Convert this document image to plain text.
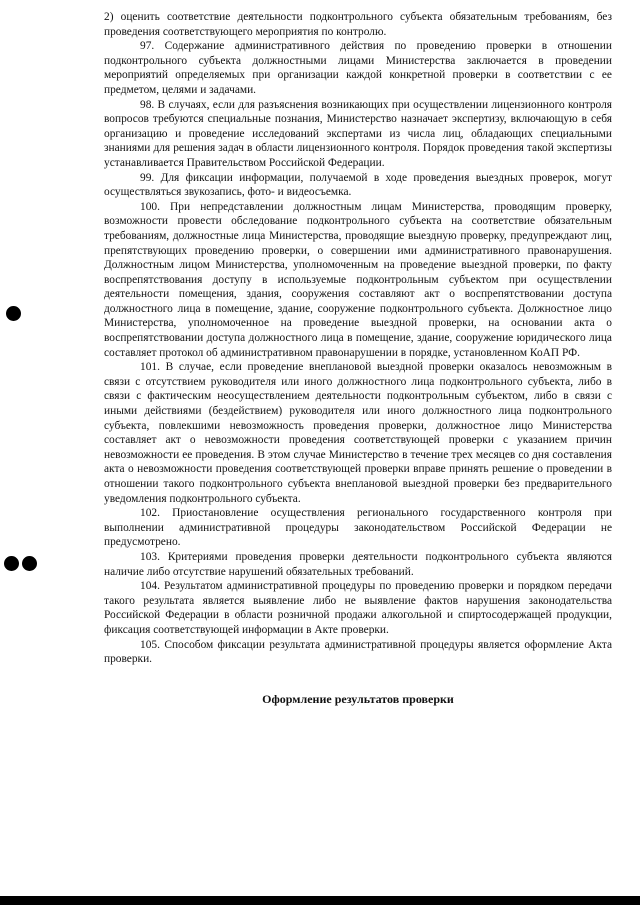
2) оценить соответствие деятельности подконтрольного субъекта обязательным требованиям, без проведения соответствующего мероприятия по контролю.

97. Содержание административного действия по проведению проверки в отношении подконтрольного субъекта должностными лицами Министерства заключается в проведении мероприятий определяемых при организации каждой конкретной проверки в соответствии с ее предметом, целями и задачами.

98. В случаях, если для разъяснения возникающих при осуществлении лицензионного контроля вопросов требуются специальные познания, Министерство назначает экспертизу, включающую в себя организацию и проведение исследований экспертами из числа лиц, обладающих специальными знаниями для решения задач в области лицензионного контроля. Порядок проведения такой экспертизы устанавливается Правительством Российской Федерации.

99. Для фиксации информации, получаемой в ходе проведения выездных проверок, могут осуществляться звукозапись, фото- и видеосъемка.

100. При непредставлении должностным лицам Министерства, проводящим проверку, возможности провести обследование подконтрольного субъекта на соответствие обязательным требованиям, должностные лица Министерства, проводящие выездную проверку, предупреждают лиц, препятствующих проведению проверки, о совершении ими административного правонарушения. Должностным лицом Министерства, уполномоченным на проведение выездной проверки, по факту воспрепятствования доступу в используемые подконтрольным субъектом при осуществлении деятельности помещения, здания, сооружения составляют акт о воспрепятствовании доступа должностного лица в помещение, здание, сооружение подконтрольного субъекта. Должностное лицо Министерства, уполномоченное на проведение выездной проверки, на основании акта о воспрепятствовании доступа должностного лица в помещение, здание, сооружение юридического лица составляет протокол об административном правонарушении в порядке, установленном КоАП РФ.

101. В случае, если проведение внеплановой выездной проверки оказалось невозможным в связи с отсутствием руководителя или иного должностного лица подконтрольного субъекта, либо в связи с фактическим неосуществлением деятельности подконтрольным субъектом, либо в связи с иными действиями (бездействием) руководителя или иного должностного лица подконтрольного субъекта, повлекшими невозможность проведения проверки, должностное лицо Министерства составляет акт о невозможности проведения соответствующей проверки с указанием причин невозможности ее проведения. В этом случае Министерство в течение трех месяцев со дня составления акта о невозможности проведения соответствующей проверки вправе принять решение о проведении в отношении такого подконтрольного субъекта внеплановой выездной проверки без предварительного уведомления подконтрольного субъекта.

102. Приостановление осуществления регионального государственного контроля при выполнении административной процедуры законодательством Российской Федерации не предусмотрено.

103. Критериями проведения проверки деятельности подконтрольного субъекта являются наличие либо отсутствие нарушений обязательных требований.

104. Результатом административной процедуры по проведению проверки и порядком передачи такого результата является выявление либо не выявление фактов нарушения законодательства Российской Федерации в области розничной продажи алкогольной и спиртосодержащей продукции, фиксация соответствующей информации в Акте проверки.

105. Способом фиксации результата административной процедуры является оформление Акта проверки.

Оформление результатов проверки
